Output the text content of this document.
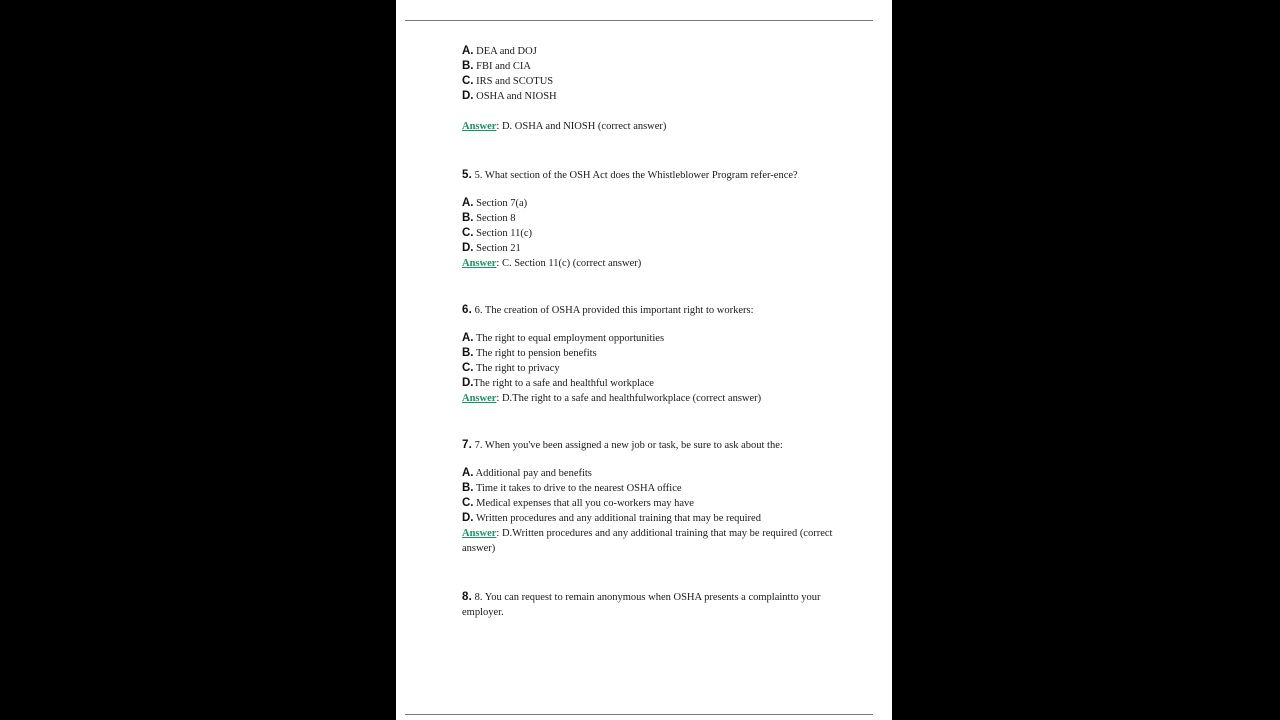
A. DEA and DOJ
B. FBI and CIA
C. IRS and SCOTUS
D. OSHA and NIOSH
Answer: D. OSHA and NIOSH (correct answer)
5. 5. What section of the OSH Act does the Whistleblower Program refer-ence?
A. Section 7(a)
B. Section 8
C. Section 11(c)
D. Section 21
Answer: C. Section 11(c) (correct answer)
6. 6. The creation of OSHA provided this important right to workers:
A. The right to equal employment opportunities
B. The right to pension benefits
C. The right to privacy
D.The right to a safe and healthful workplace
Answer: D.The right to a safe and healthfulworkplace (correct answer)
7. 7. When you've been assigned a new job or task, be sure to ask about the:
A. Additional pay and benefits
B. Time it takes to drive to the nearest OSHA office
C. Medical expenses that all you co-workers may have
D. Written procedures and any additional training that may be required
Answer: D.Written procedures and any additional training that may be required (correct answer)
8. 8. You can request to remain anonymous when OSHA presents a complaintto your employer.
